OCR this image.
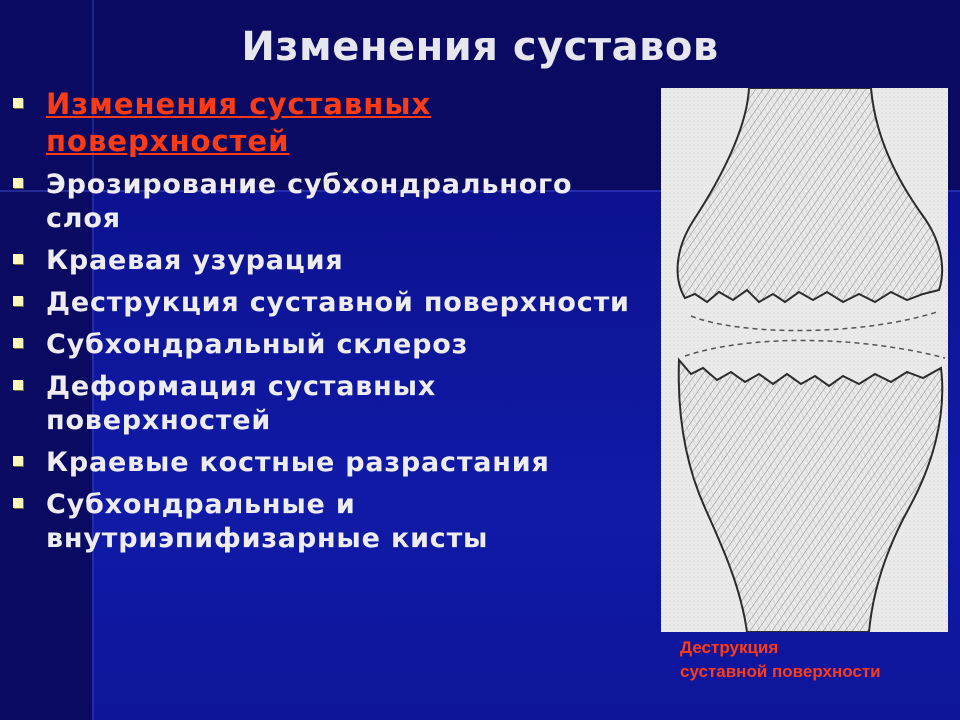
Изменения суставов
Изменения суставных поверхностей
Эрозирование субхондрального слоя
Краевая узурация
Деструкция суставной поверхности
Субхондральный склероз
Деформация суставных поверхностей
Краевые костные разрастания
Субхондральные и внутриэпифизарные кисты
Деструкция
суставной поверхности
